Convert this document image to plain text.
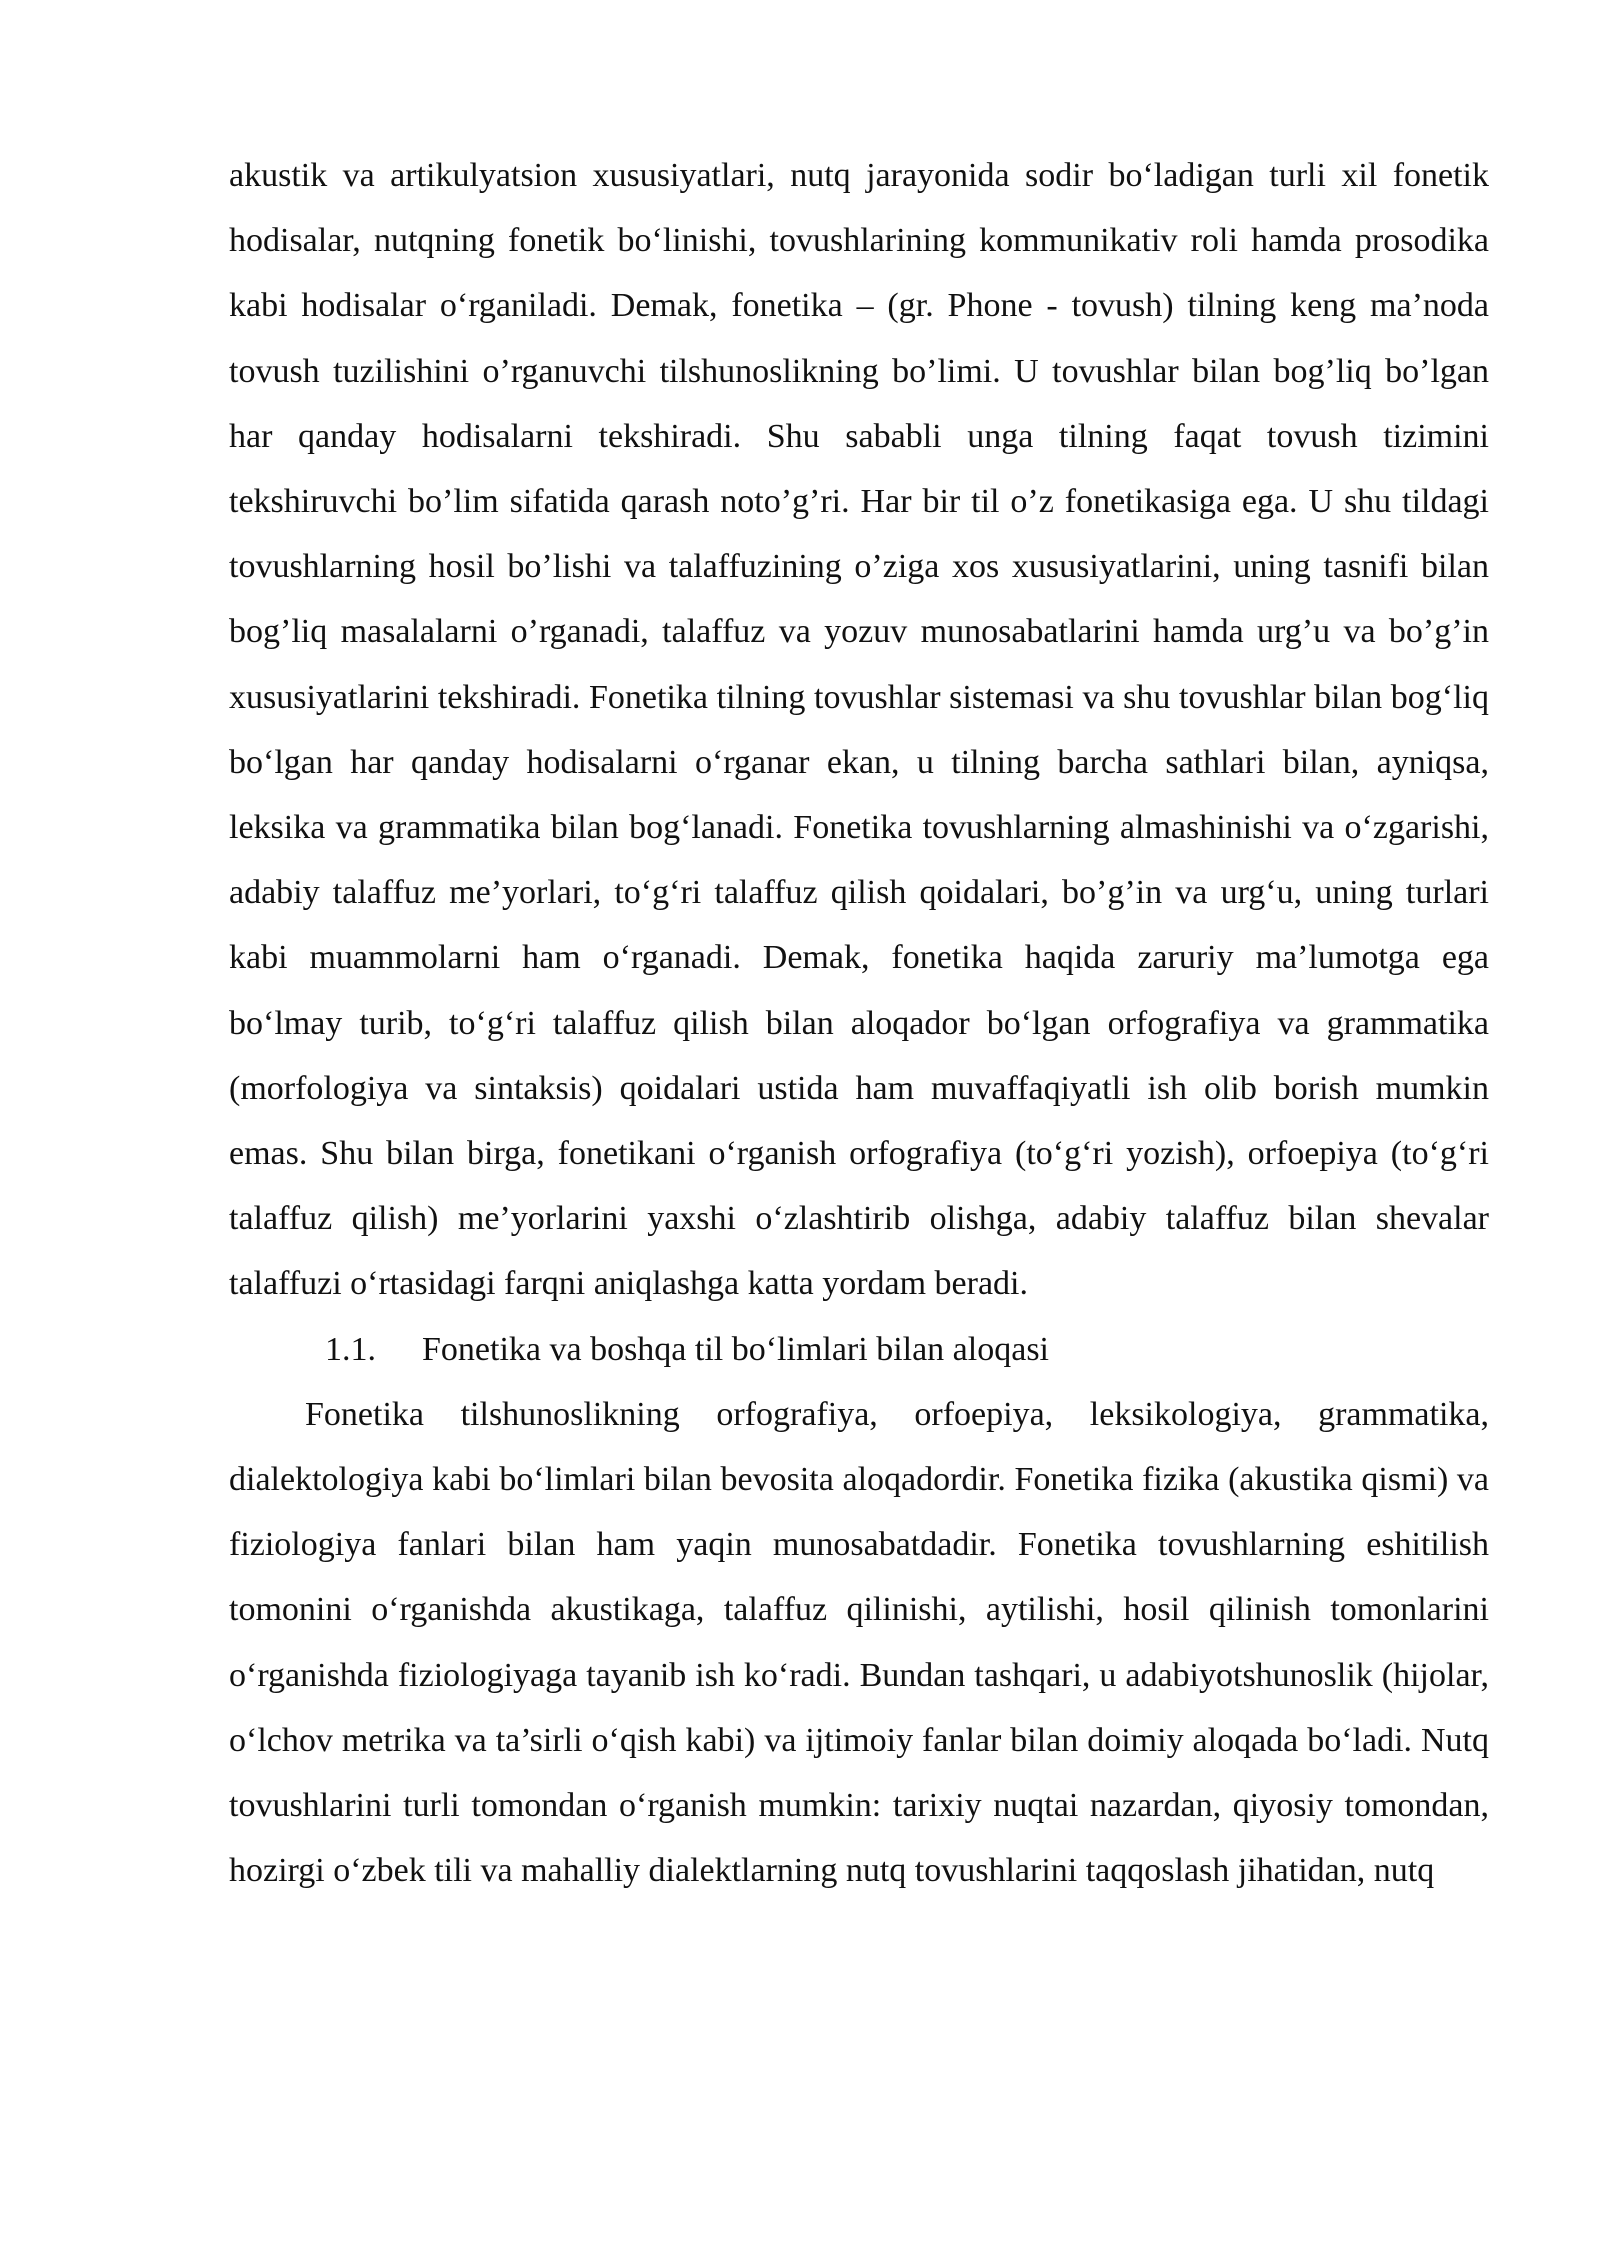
akustik va artikulyatsion xususiyatlari, nutq jarayonida sodir bo‘ladigan turli xil fonetik hodisalar, nutqning fonetik bo‘linishi, tovushlarining kommunikativ roli hamda prosodika kabi hodisalar o‘rganiladi. Demak, fonetika – (gr. Phone - tovush) tilning keng ma’noda tovush tuzilishini o’rganuvchi tilshunoslikning bo’limi. U tovushlar bilan bog’liq bo’lgan har qanday hodisalarni tekshiradi. Shu sababli unga tilning faqat tovush tizimini tekshiruvchi bo’lim sifatida qarash noto’g’ri. Har bir til o’z fonetikasiga ega. U shu tildagi tovushlarning hosil bo’lishi va talaffuzining o’ziga xos xususiyatlarini, uning tasnifi bilan bog’liq masalalarni o’rganadi, talaffuz va yozuv munosabatlarini hamda urg’u va bo’g’in xususiyatlarini tekshiradi. Fonetika tilning tovushlar sistemasi va shu tovushlar bilan bog‘liq bo‘lgan har qanday hodisalarni o‘rganar ekan, u tilning barcha sathlari bilan, ayniqsa, leksika va grammatika bilan bog‘lanadi. Fonetika tovushlarning almashinishi va o‘zgarishi, adabiy talaffuz me’yorlari, to‘g‘ri talaffuz qilish qoidalari, bo’g’in va urg‘u, uning turlari kabi muammolarni ham o‘rganadi. Demak, fonetika haqida zaruriy ma’lumotga ega bo‘lmay turib, to‘g‘ri talaffuz qilish bilan aloqador bo‘lgan orfografiya va grammatika (morfologiya va sintaksis) qoidalari ustida ham muvaffaqiyatli ish olib borish mumkin emas. Shu bilan birga, fonetikani o‘rganish orfografiya (to‘g‘ri yozish), orfoepiya (to‘g‘ri talaffuz qilish) me’yorlarini yaxshi o‘zlashtirib olishga, adabiy talaffuz bilan shevalar talaffuzi o‘rtasidagi farqni aniqlashga katta yordam beradi.

1.1. Fonetika va boshqa til bo‘limlari bilan aloqasi

Fonetika tilshunoslikning orfografiya, orfoepiya, leksikologiya, grammatika, dialektologiya kabi bo‘limlari bilan bevosita aloqadordir. Fonetika fizika (akustika qismi) va fiziologiya fanlari bilan ham yaqin munosabatdadir. Fonetika tovushlarning eshitilish tomonini o‘rganishda akustikaga, talaffuz qilinishi, aytilishi, hosil qilinish tomonlarini o‘rganishda fiziologiyaga tayanib ish ko‘radi. Bundan tashqari, u adabiyotshunoslik (hijolar, o‘lchov metrika va ta’sirli o‘qish kabi) va ijtimoiy fanlar bilan doimiy aloqada bo‘ladi. Nutq tovushlarini turli tomondan o‘rganish mumkin: tarixiy nuqtai nazardan, qiyosiy tomondan, hozirgi o‘zbek tili va mahalliy dialektlarning nutq tovushlarini taqqoslash jihatidan, nutq
